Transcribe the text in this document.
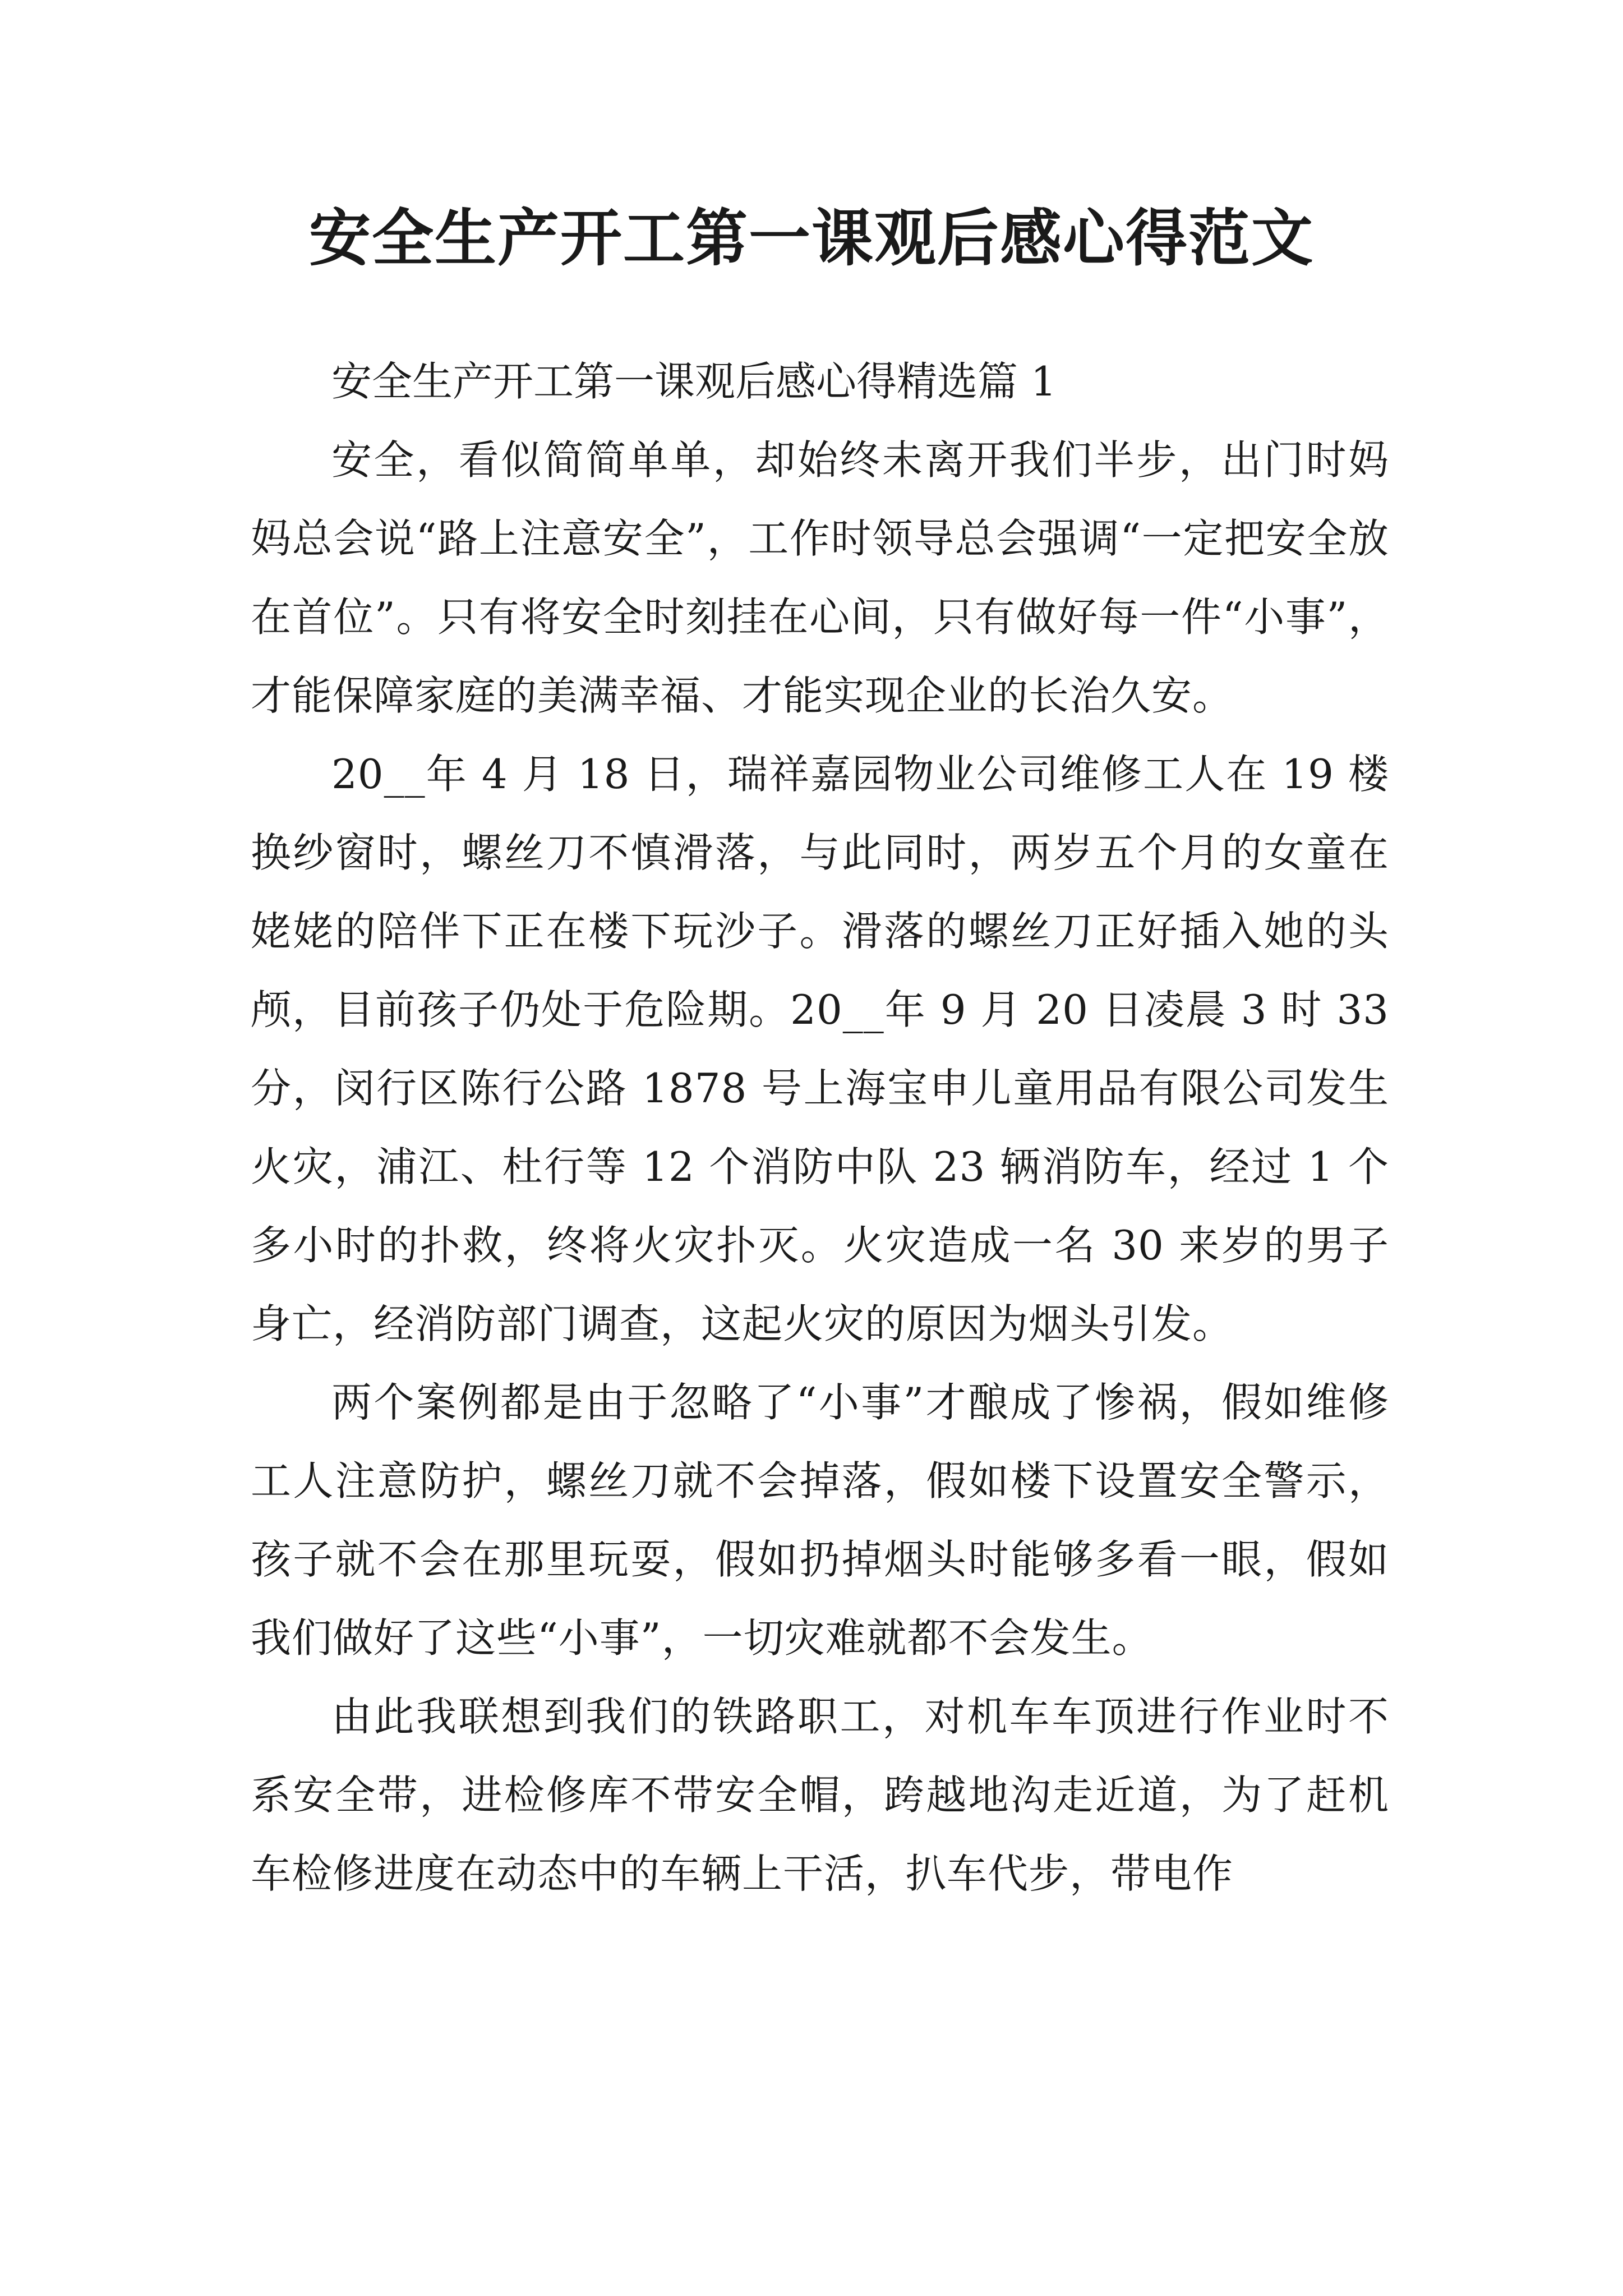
安全生产开工第一课观后感心得范文

安全生产开工第一课观后感心得精选篇 1

安全，看似简简单单，却始终未离开我们半步，出门时妈妈总会说“路上注意安全”，工作时领导总会强调“一定把安全放在首位”。只有将安全时刻挂在心间，只有做好每一件“小事”，才能保障家庭的美满幸福、才能实现企业的长治久安。

20__年 4 月 18 日，瑞祥嘉园物业公司维修工人在 19 楼换纱窗时，螺丝刀不慎滑落，与此同时，两岁五个月的女童在姥姥的陪伴下正在楼下玩沙子。滑落的螺丝刀正好插入她的头颅，目前孩子仍处于危险期。20__年 9 月 20 日凌晨 3 时 33 分，闵行区陈行公路 1878 号上海宝申儿童用品有限公司发生火灾，浦江、杜行等 12 个消防中队 23 辆消防车，经过 1 个多小时的扑救，终将火灾扑灭。火灾造成一名 30 来岁的男子身亡，经消防部门调查，这起火灾的原因为烟头引发。

两个案例都是由于忽略了“小事”才酿成了惨祸，假如维修工人注意防护，螺丝刀就不会掉落，假如楼下设置安全警示，孩子就不会在那里玩耍，假如扔掉烟头时能够多看一眼，假如我们做好了这些“小事”，一切灾难就都不会发生。

由此我联想到我们的铁路职工，对机车车顶进行作业时不系安全带，进检修库不带安全帽，跨越地沟走近道，为了赶机车检修进度在动态中的车辆上干活，扒车代步，带电作
